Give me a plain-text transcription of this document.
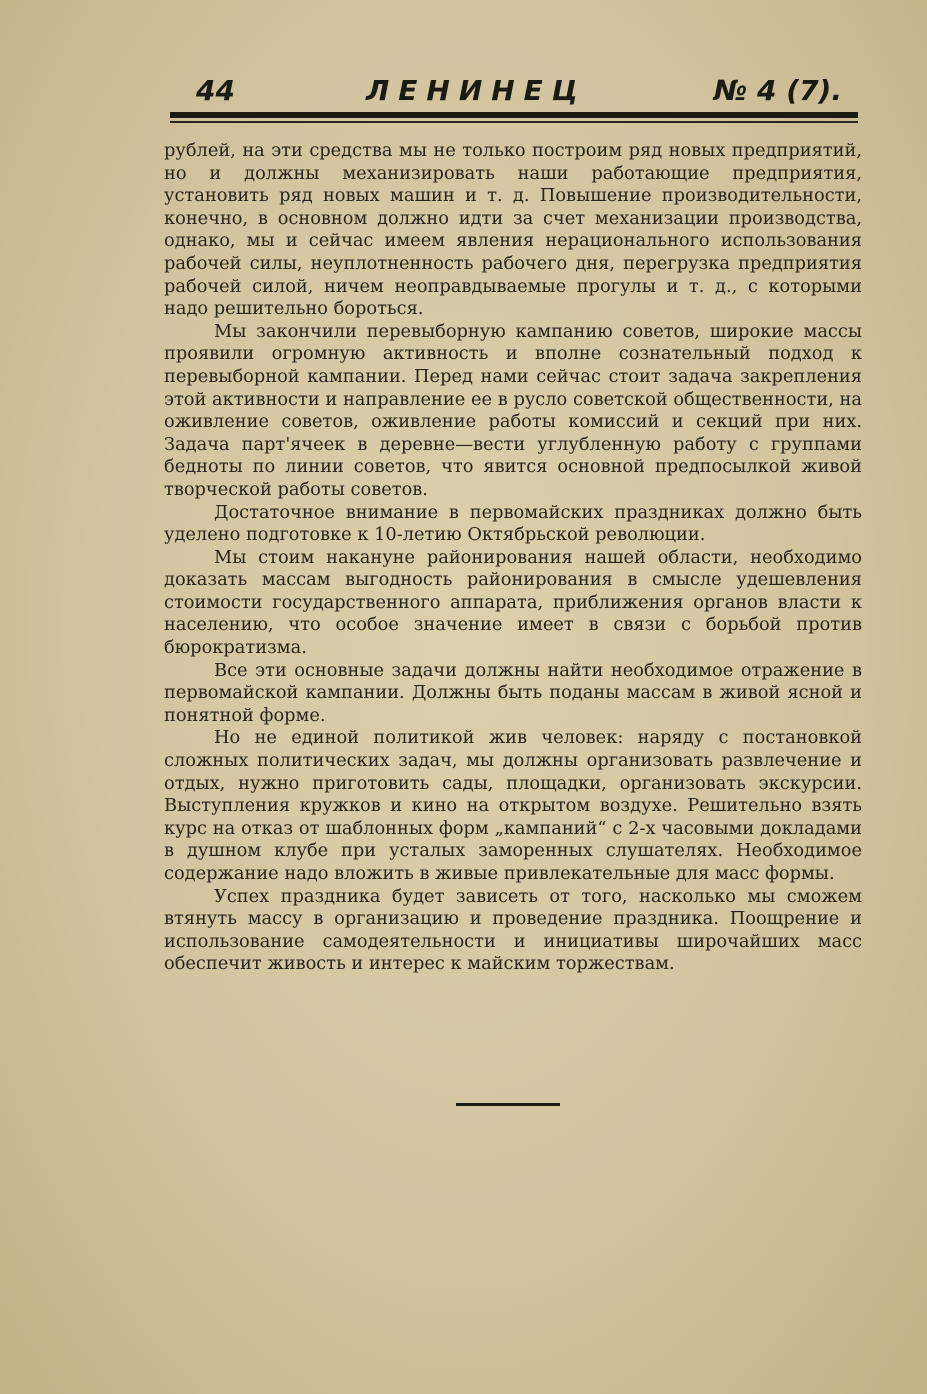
44	ЛЕНИНЕЦ	№ 4 (7).

рублей, на эти средства мы не только построим ряд новых предприятий, но и должны механизировать наши работающие предприятия, установить ряд новых машин и т. д. Повышение производительности, конечно, в основном должно идти за счет механизации производства, однако, мы и сейчас имеем явления нерационального использования рабочей силы, неуплотненность рабочего дня, перегрузка предприятия рабочей силой, ничем неоправдываемые прогулы и т. д., с которыми надо решительно бороться.

Мы закончили перевыборную кампанию советов, широкие массы проявили огромную активность и вполне сознательный подход к перевыборной кампании. Перед нами сейчас стоит задача закрепления этой активности и направление ее в русло советской общественности, на оживление советов, оживление работы комиссий и секций при них. Задача парт'ячеек в деревне—вести углубленную работу с группами бедноты по линии советов, что явится основной предпосылкой живой творческой работы советов.

Достаточное внимание в первомайских праздниках должно быть уделено подготовке к 10-летию Октябрьской революции.

Мы стоим накануне районирования нашей области, необходимо доказать массам выгодность районирования в смысле удешевления стоимости государственного аппарата, приближения органов власти к населению, что особое значение имеет в связи с борьбой против бюрократизма.

Все эти основные задачи должны найти необходимое отражение в первомайской кампании. Должны быть поданы массам в живой ясной и понятной форме.

Но не единой политикой жив человек: наряду с постановкой сложных политических задач, мы должны организовать развлечение и отдых, нужно приготовить сады, площадки, организовать экскурсии. Выступления кружков и кино на открытом воздухе. Решительно взять курс на отказ от шаблонных форм „кампаний“ с 2-х часовыми докладами в душном клубе при усталых заморенных слушателях. Необходимое содержание надо вложить в живые привлекательные для масс формы.

Успех праздника будет зависеть от того, насколько мы сможем втянуть массу в организацию и проведение праздника. Поощрение и использование самодеятельности и инициативы широчайших масс обеспечит живость и интерес к майским торжествам.
